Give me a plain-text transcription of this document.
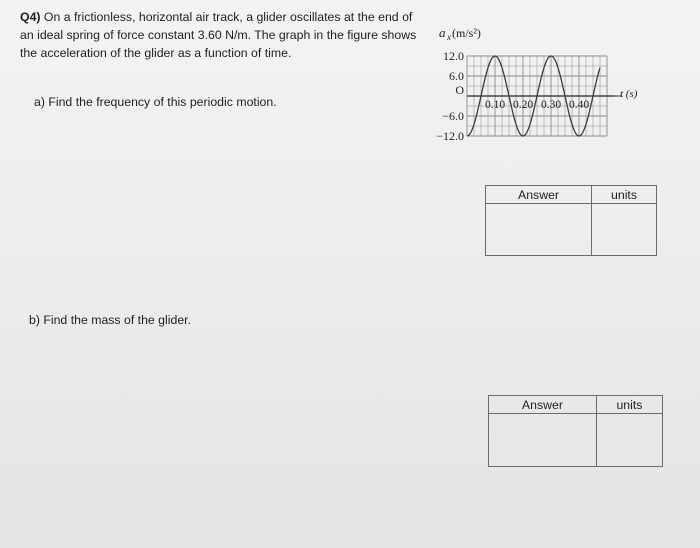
Q4) On a frictionless, horizontal air track, a glider oscillates at the end of an ideal spring of force constant 3.60 N/m. The graph in the figure shows the acceleration of the glider as a function of time.
a) Find the frequency of this periodic motion.
b) Find the mass of the glider.
a x (m/s²)
12.0
6.0
O
−6.0
−12.0
0.10 0.20 0.30 0.40
t (s)
Answer	units

Answer	units
